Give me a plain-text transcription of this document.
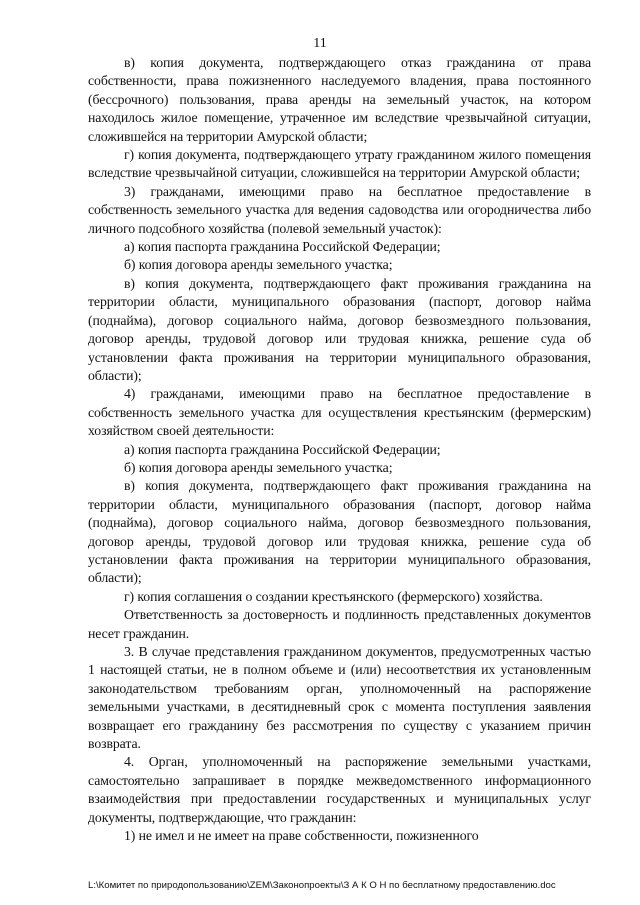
11

в) копия документа, подтверждающего отказ гражданина от права собственности, права пожизненного наследуемого владения, права постоянного (бессрочного) пользования, права аренды на земельный участок, на котором находилось жилое помещение, утраченное им вследствие чрезвычайной ситуации, сложившейся на территории Амурской области;

г) копия документа, подтверждающего утрату гражданином жилого помещения вследствие чрезвычайной ситуации, сложившейся на территории Амурской области;

3) гражданами, имеющими право на бесплатное предоставление в собственность земельного участка для ведения садоводства или огородничества либо личного подсобного хозяйства (полевой земельный участок):

а) копия паспорта гражданина Российской Федерации;

б) копия договора аренды земельного участка;

в) копия документа, подтверждающего факт проживания гражданина на территории области, муниципального образования (паспорт, договор найма (поднайма), договор социального найма, договор безвозмездного пользования, договор аренды, трудовой договор или трудовая книжка, решение суда об установлении факта проживания на территории муниципального образования, области);

4) гражданами, имеющими право на бесплатное предоставление в собственность земельного участка для осуществления крестьянским (фермерским) хозяйством своей деятельности:

а) копия паспорта гражданина Российской Федерации;

б) копия договора аренды земельного участка;

в) копия документа, подтверждающего факт проживания гражданина на территории области, муниципального образования (паспорт, договор найма (поднайма), договор социального найма, договор безвозмездного пользования, договор аренды, трудовой договор или трудовая книжка, решение суда об установлении факта проживания на территории муниципального образования, области);

г) копия соглашения о создании крестьянского (фермерского) хозяйства.

Ответственность за достоверность и подлинность представленных документов несет гражданин.

3. В случае представления гражданином документов, предусмотренных частью 1 настоящей статьи, не в полном объеме и (или) несоответствия их установленным законодательством требованиям орган, уполномоченный на распоряжение земельными участками, в десятидневный срок с момента поступления заявления возвращает его гражданину без рассмотрения по существу с указанием причин возврата.

4. Орган, уполномоченный на распоряжение земельными участками, самостоятельно запрашивает в порядке межведомственного информационного взаимодействия при предоставлении государственных и муниципальных услуг документы, подтверждающие, что гражданин:

1) не имел и не имеет на праве собственности, пожизненного

L:\Комитет по природопользованию\ZEM\Законопроекты\З А К О Н по бесплатному предоставлению.doc
